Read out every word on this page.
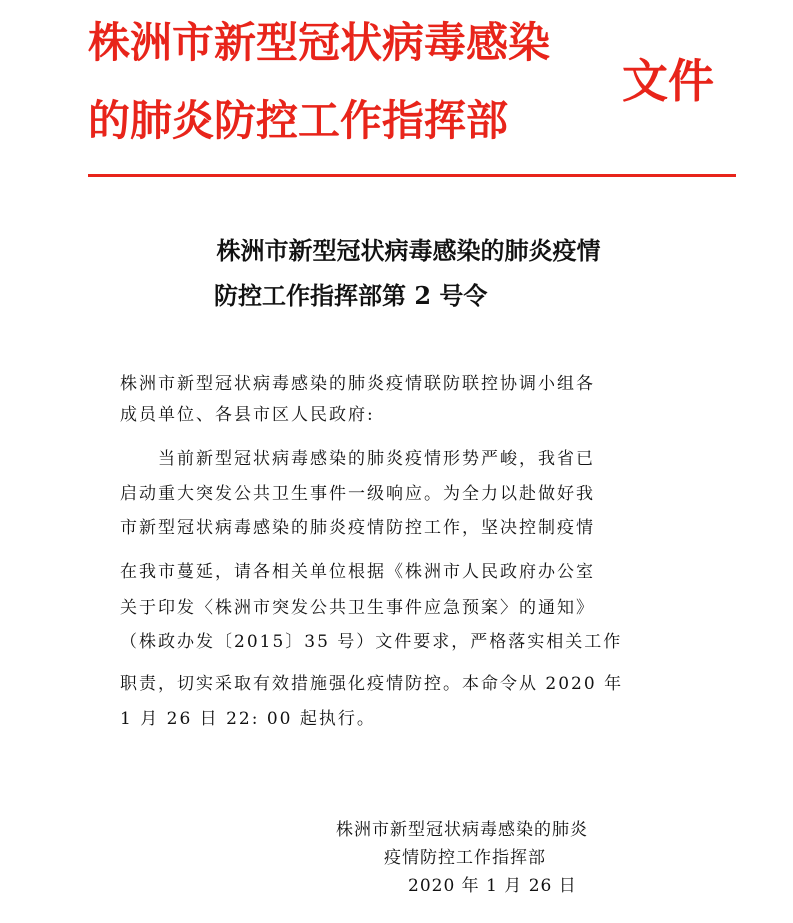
株洲市新型冠状病毒感染
的肺炎防控工作指挥部
文件
株洲市新型冠状病毒感染的肺炎疫情
防控工作指挥部第 2 号令
株洲市新型冠状病毒感染的肺炎疫情联防联控协调小组各
成员单位、各县市区人民政府:
　　当前新型冠状病毒感染的肺炎疫情形势严峻，我省已
启动重大突发公共卫生事件一级响应。为全力以赴做好我
市新型冠状病毒感染的肺炎疫情防控工作，坚决控制疫情
在我市蔓延，请各相关单位根据《株洲市人民政府办公室
关于印发〈株洲市突发公共卫生事件应急预案〉的通知》
（株政办发〔2015〕35 号）文件要求，严格落实相关工作
职责，切实采取有效措施强化疫情防控。本命令从 2020 年
1 月 26 日 22: 00 起执行。
株洲市新型冠状病毒感染的肺炎
疫情防控工作指挥部
2020 年 1 月 26 日
